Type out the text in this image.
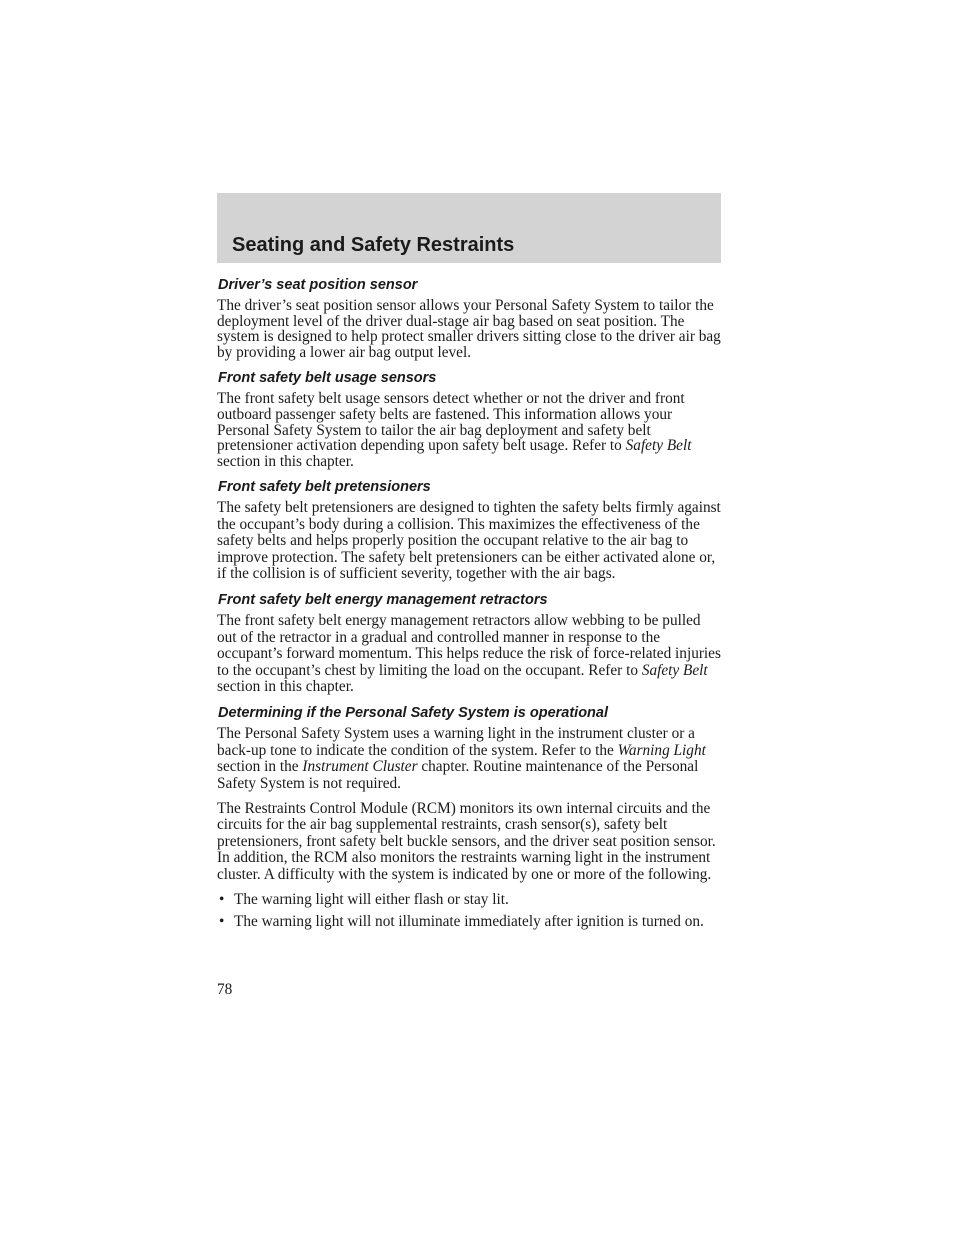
Seating and Safety Restraints
Driver’s seat position sensor

The driver’s seat position sensor allows your Personal Safety System to tailor the deployment level of the driver dual-stage air bag based on seat position. The system is designed to help protect smaller drivers sitting close to the driver air bag by providing a lower air bag output level.

Front safety belt usage sensors

The front safety belt usage sensors detect whether or not the driver and front outboard passenger safety belts are fastened. This information allows your Personal Safety System to tailor the air bag deployment and safety belt pretensioner activation depending upon safety belt usage. Refer to Safety Belt section in this chapter.

Front safety belt pretensioners

The safety belt pretensioners are designed to tighten the safety belts firmly against the occupant’s body during a collision. This maximizes the effectiveness of the safety belts and helps properly position the occupant relative to the air bag to improve protection. The safety belt pretensioners can be either activated alone or, if the collision is of sufficient severity, together with the air bags.

Front safety belt energy management retractors

The front safety belt energy management retractors allow webbing to be pulled out of the retractor in a gradual and controlled manner in response to the occupant’s forward momentum. This helps reduce the risk of force-related injuries to the occupant’s chest by limiting the load on the occupant. Refer to Safety Belt section in this chapter.

Determining if the Personal Safety System is operational

The Personal Safety System uses a warning light in the instrument cluster or a back-up tone to indicate the condition of the system. Refer to the Warning Light section in the Instrument Cluster chapter. Routine maintenance of the Personal Safety System is not required.

The Restraints Control Module (RCM) monitors its own internal circuits and the circuits for the air bag supplemental restraints, crash sensor(s), safety belt pretensioners, front safety belt buckle sensors, and the driver seat position sensor. In addition, the RCM also monitors the restraints warning light in the instrument cluster. A difficulty with the system is indicated by one or more of the following.

• The warning light will either flash or stay lit.
• The warning light will not illuminate immediately after ignition is turned on.
78
